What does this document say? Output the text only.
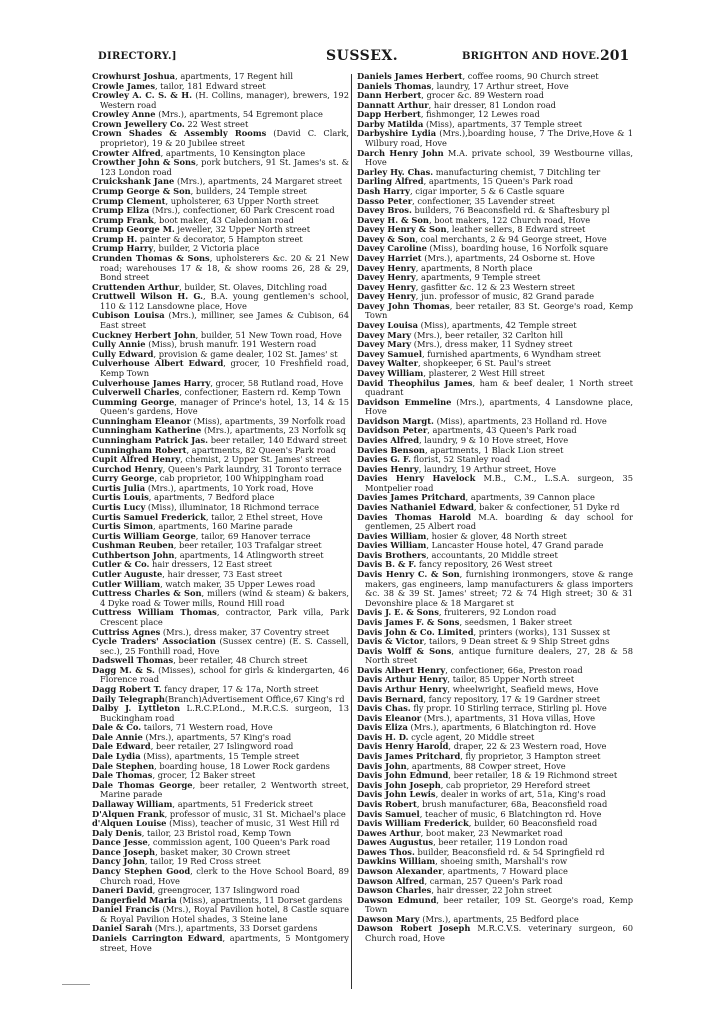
DIRECTORY.]	SUSSEX.	BRIGHTON AND HOVE. 201
Crowhurst Joshua, apartments, 17 Regent hill
Crowle James, tailor, 181 Edward street
Crowley A. C. S. & H. (H. Collins, manager), brewers, 192 Western road
Crowley Anne (Mrs.), apartments, 54 Egremont place
Crown Jewellery Co. 22 West street
Crown Shades & Assembly Rooms (David C. Clark, proprietor), 19 & 20 Jubilee street
Crowter Alfred, apartments, 10 Kensington place
Crowther John & Sons, pork butchers, 91 St. James's st. & 123 London road
Cruickshank Jane (Mrs.), apartments, 24 Margaret street
Crump George & Son, builders, 24 Temple street
Crump Clement, upholsterer, 63 Upper North street
Crump Eliza (Mrs.), confectioner, 60 Park Crescent road
Crump Frank, boot maker, 43 Caledonian road
Crump George M. jeweller, 32 Upper North street
Crump H. painter & decorator, 5 Hampton street
Crump Harry, builder, 2 Victoria place
Crunden Thomas & Sons, upholsterers &c. 20 & 21 New road; warehouses 17 & 18, & show rooms 26, 28 & 29, Bond street
Cruttenden Arthur, builder, St. Olaves, Ditchling road
Cruttwell Wilson H. G., B.A. young gentlemen's school, 110 & 112 Lansdowne place, Hove
Cubison Louisa (Mrs.), milliner, see James & Cubison, 64 East street
Cuckney Herbert John, builder, 51 New Town road, Hove
Cully Annie (Miss), brush manufr. 191 Western road
Cully Edward, provision & game dealer, 102 St. James' st
Culverhouse Albert Edward, grocer, 10 Freshfield road, Kemp Town
Culverhouse James Harry, grocer, 58 Rutland road, Hove
Culverwell Charles, confectioner, Eastern rd. Kemp Town
Cumming George, manager of Prince's hotel, 13, 14 & 15 Queen's gardens, Hove
Cunningham Eleanor (Miss), apartments, 39 Norfolk road
Cunningham Katherine (Mrs.), apartments, 23 Norfolk sq
Cunningham Patrick Jas. beer retailer, 140 Edward street
Cunningham Robert, apartments, 82 Queen's Park road
Cupit Alfred Henry, chemist, 2 Upper St. James' street
Curchod Henry, Queen's Park laundry, 31 Toronto terrace
Curry George, cab proprietor, 100 Whippingham road
Curtis Julia (Mrs.), apartments, 10 York road, Hove
Curtis Louis, apartments, 7 Bedford place
Curtis Lucy (Miss), illuminator, 18 Richmond terrace
Curtis Samuel Frederick, tailor, 2 Ethel street, Hove
Curtis Simon, apartments, 160 Marine parade
Curtis William George, tailor, 69 Hanover terrace
Cushman Reuben, beer retailer, 103 Trafalgar street
Cuthbertson John, apartments, 14 Atlingworth street
Cutler & Co. hair dressers, 12 East street
Cutler Auguste, hair dresser, 73 East street
Cutler William, watch maker, 35 Upper Lewes road
Cuttress Charles & Son, millers (wind & steam) & bakers, 4 Dyke road & Tower mills, Round Hill road
Cuttress William Thomas, contractor, Park villa, Park Crescent place
Cuttriss Agnes (Mrs.), dress maker, 37 Coventry street
Cycle Traders' Association (Sussex centre) (E. S. Cassell, sec.), 25 Fonthill road, Hove
Dadswell Thomas, beer retailer, 48 Church street
Dagg M. & S. (Misses), school for girls & kindergarten, 46 Florence road
Dagg Robert T. fancy draper, 17 & 17a, North street
Daily Telegraph(Branch)Advertisement Office,67 King's rd
Dalby J. Lyttleton L.R.C.P.Lond., M.R.C.S. surgeon, 13 Buckingham road
Dale & Co. tailors, 71 Western road, Hove
Dale Annie (Mrs.), apartments, 57 King's road
Dale Edward, beer retailer, 27 Islingword road
Dale Lydia (Miss), apartments, 15 Temple street
Dale Stephen, boarding house, 18 Lower Rock gardens
Dale Thomas, grocer, 12 Baker street
Dale Thomas George, beer retailer, 2 Wentworth street, Marine parade
Dallaway William, apartments, 51 Frederick street
D'Alquen Frank, professor of music, 31 St. Michael's place
d'Alquen Louise (Miss), teacher of music, 31 West Hill rd
Daly Denis, tailor, 23 Bristol road, Kemp Town
Dance Jesse, commission agent, 100 Queen's Park road
Dance Joseph, basket maker, 30 Crown street
Dancy John, tailor, 19 Red Cross street
Dancy Stephen Good, clerk to the Hove School Board, 89 Church road, Hove
Daneri David, greengrocer, 137 Islingword road
Dangerfield Maria (Miss), apartments, 11 Dorset gardens
Daniel Francis (Mrs.), Royal Pavilion hotel, 8 Castle square & Royal Pavilion Hotel shades, 3 Steine lane
Daniel Sarah (Mrs.), apartments, 33 Dorset gardens
Daniels Carrington Edward, apartments, 5 Montgomery street, Hove
Daniels James Herbert, coffee rooms, 90 Church street
Daniels Thomas, laundry, 17 Arthur street, Hove
Dann Herbert, grocer &c. 89 Western road
Dannatt Arthur, hair dresser, 81 London road
Dapp Herbert, fishmonger, 12 Lewes road
Darby Matilda (Miss), apartments, 37 Temple street
Darbyshire Lydia (Mrs.),boarding house, 7 The Drive,Hove & 1 Wilbury road, Hove
Darch Henry John M.A. private school, 39 Westbourne villas, Hove
Darley Hy. Chas. manufacturing chemist, 7 Ditchling ter
Darling Alfred, apartments, 15 Queen's Park road
Dash Harry, cigar importer, 5 & 6 Castle square
Dasso Peter, confectioner, 35 Lavender street
Davey Bros. builders, 76 Beaconsfield rd. & Shaftesbury pl
Davey H. & Son, boot makers, 122 Church road, Hove
Davey Henry & Son, leather sellers, 8 Edward street
Davey & Son, coal merchants, 2 & 94 George street, Hove
Davey Caroline (Miss), boarding house, 16 Norfolk square
Davey Harriet (Mrs.), apartments, 24 Osborne st. Hove
Davey Henry, apartments, 8 North place
Davey Henry, apartments, 9 Temple street
Davey Henry, gasfitter &c. 12 & 23 Western street
Davey Henry, jun. professor of music, 82 Grand parade
Davey John Thomas, beer retailer, 83 St. George's road, Kemp Town
Davey Louisa (Miss), apartments, 42 Temple street
Davey Mary (Mrs.), beer retailer, 32 Carlton hill
Davey Mary (Mrs.), dress maker, 11 Sydney street
Davey Samuel, furnished apartments, 6 Wyndham street
Davey Walter, shopkeeper, 6 St. Paul's street
Davey William, plasterer, 2 West Hill street
David Theophilus James, ham & beef dealer, 1 North street quadrant
Davidson Emmeline (Mrs.), apartments, 4 Lansdowne place, Hove
Davidson Margt. (Miss), apartments, 23 Holland rd. Hove
Davidson Peter, apartments, 43 Queen's Park road
Davies Alfred, laundry, 9 & 10 Hove street, Hove
Davies Benson, apartments, 1 Black Lion street
Davies G. F. florist, 52 Stanley road
Davies Henry, laundry, 19 Arthur street, Hove
Davies Henry Havelock M.B., C.M., L.S.A. surgeon, 35 Montpelier road
Davies James Pritchard, apartments, 39 Cannon place
Davies Nathaniel Edward, baker & confectioner, 51 Dyke rd
Davies Thomas Harold M.A. boarding & day school for gentlemen, 25 Albert road
Davies William, hosier & glover, 48 North street
Davies William, Lancaster House hotel, 47 Grand parade
Davis Brothers, accountants, 20 Middle street
Davis B. & F. fancy repository, 26 West street
Davis Henry C. & Son, furnishing ironmongers, stove & range makers, gas engineers, lamp manufacturers & glass importers &c. 38 & 39 St. James' street; 72 & 74 High street; 30 & 31 Devonshire place & 18 Margaret st
Davis J. E. & Sons, fruiterers, 92 London road
Davis James F. & Sons, seedsmen, 1 Baker street
Davis John & Co. Limited, printers (works), 131 Sussex st
Davis & Victor, tailors, 9 Dean street & 9 Ship Street gdns
Davis Wolff & Sons, antique furniture dealers, 27, 28 & 58 North street
Davis Albert Henry, confectioner, 66a, Preston road
Davis Arthur Henry, tailor, 85 Upper North street
Davis Arthur Henry, wheelwright, Seafield mews, Hove
Davis Bernard, fancy repository, 17 & 19 Gardner street
Davis Chas. fly propr. 10 Stirling terrace, Stirling pl. Hove
Davis Eleanor (Mrs.), apartments, 31 Hova villas, Hove
Davis Eliza (Mrs.), apartments, 6 Blatchington rd. Hove
Davis H. D. cycle agent, 20 Middle street
Davis Henry Harold, draper, 22 & 23 Western road, Hove
Davis James Pritchard, fly proprietor, 3 Hampton street
Davis John, apartments, 88 Cowper street, Hove
Davis John Edmund, beer retailer, 18 & 19 Richmond street
Davis John Joseph, cab proprietor, 29 Hereford street
Davis John Lewis, dealer in works of art, 51a, King's road
Davis Robert, brush manufacturer, 68a, Beaconsfield road
Davis Samuel, teacher of music, 6 Blatchington rd. Hove
Davis William Frederick, builder, 60 Beaconsfield road
Dawes Arthur, boot maker, 23 Newmarket road
Dawes Augustus, beer retailer, 119 London road
Dawes Thos. builder, Beaconsfield rd. & 54 Springfield rd
Dawkins William, shoeing smith, Marshall's row
Dawson Alexander, apartments, 7 Howard place
Dawson Alfred, carman, 257 Queen's Park road
Dawson Charles, hair dresser, 22 John street
Dawson Edmund, beer retailer, 109 St. George's road, Kemp Town
Dawson Mary (Mrs.), apartments, 25 Bedford place
Dawson Robert Joseph M.R.C.V.S. veterinary surgeon, 60 Church road, Hove
